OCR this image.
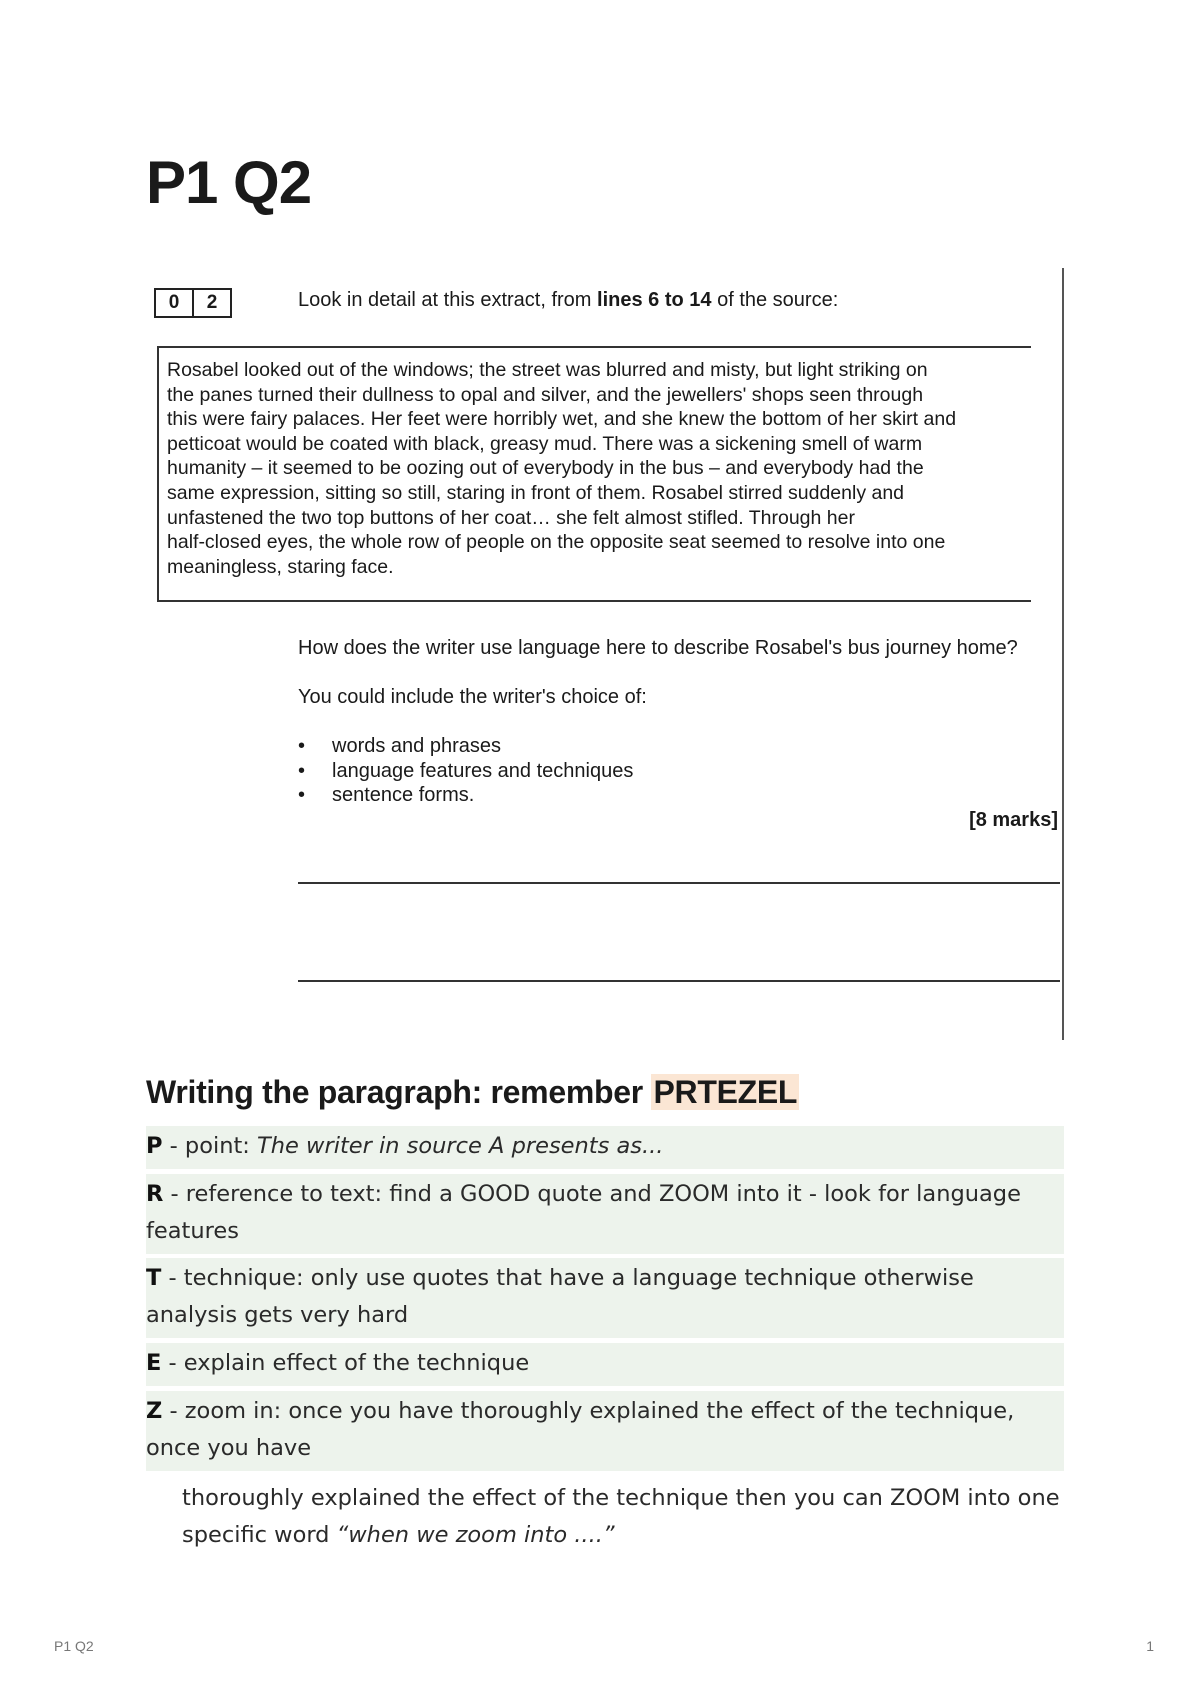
P1 Q2
0	2	Look in detail at this extract, from lines 6 to 14 of the source:

Rosabel looked out of the windows; the street was blurred and misty, but light striking on

the panes turned their dullness to opal and silver, and the jewellers' shops seen through

this were fairy palaces. Her feet were horribly wet, and she knew the bottom of her skirt and

petticoat would be coated with black, greasy mud. There was a sickening smell of warm

humanity – it seemed to be oozing out of everybody in the bus – and everybody had the

same expression, sitting so still, staring in front of them. Rosabel stirred suddenly and

unfastened the two top buttons of her coat… she felt almost stifled. Through her

half-closed eyes, the whole row of people on the opposite seat seemed to resolve into one

meaningless, staring face.

How does the writer use language here to describe Rosabel's bus journey home?
You could include the writer's choice of:
• words and phrases
• language features and techniques
• sentence forms.
[8 marks]
Writing the paragraph: remember PRTEZEL
P - point: The writer in source A presents as...
R - reference to text: find a GOOD quote and ZOOM into it - look for language features
T - technique: only use quotes that have a language technique otherwise analysis gets very hard
E - explain effect of the technique
Z - zoom in: once you have thoroughly explained the effect of the technique, once you have
thoroughly explained the effect of the technique then you can ZOOM into one specific word “when we zoom into ....”
P1 Q2	1
